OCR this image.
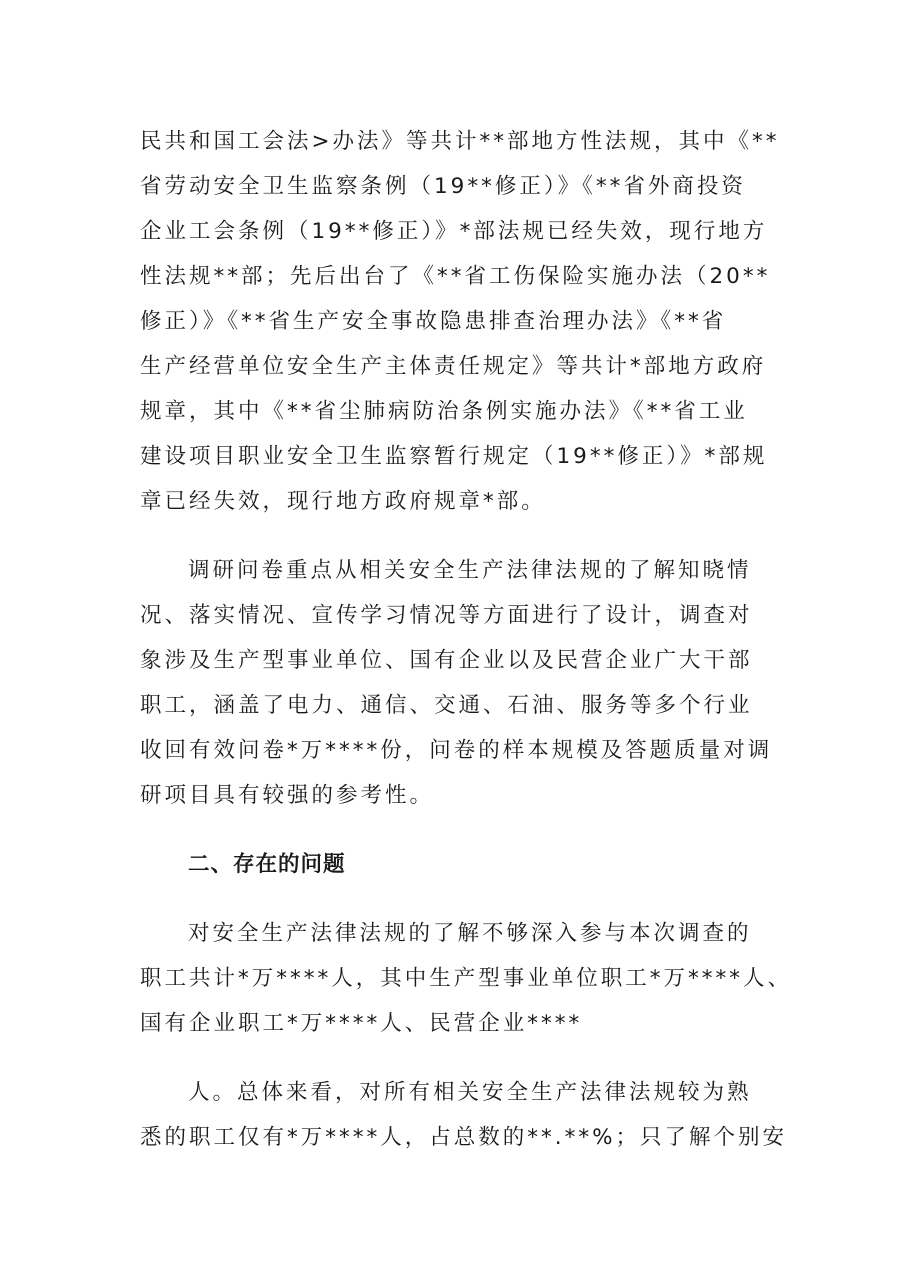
民共和国工会法>办法》等共计**部地方性法规，其中《**
省劳动安全卫生监察条例（19**修正）》《**省外商投资
企业工会条例（19**修正）》*部法规已经失效，现行地方
性法规**部；先后出台了《**省工伤保险实施办法（20**
修正）》《**省生产安全事故隐患排查治理办法》《**省
生产经营单位安全生产主体责任规定》等共计*部地方政府
规章，其中《**省尘肺病防治条例实施办法》《**省工业
建设项目职业安全卫生监察暂行规定（19**修正）》*部规
章已经失效，现行地方政府规章*部。
调研问卷重点从相关安全生产法律法规的了解知晓情
况、落实情况、宣传学习情况等方面进行了设计，调查对
象涉及生产型事业单位、国有企业以及民营企业广大干部
职工，涵盖了电力、通信、交通、石油、服务等多个行业
收回有效问卷*万****份，问卷的样本规模及答题质量对调
研项目具有较强的参考性。
二、存在的问题
对安全生产法律法规的了解不够深入参与本次调查的
职工共计*万****人，其中生产型事业单位职工*万****人、
国有企业职工*万****人、民营企业****
人。总体来看，对所有相关安全生产法律法规较为熟
悉的职工仅有*万****人，占总数的**.**%；只了解个别安
